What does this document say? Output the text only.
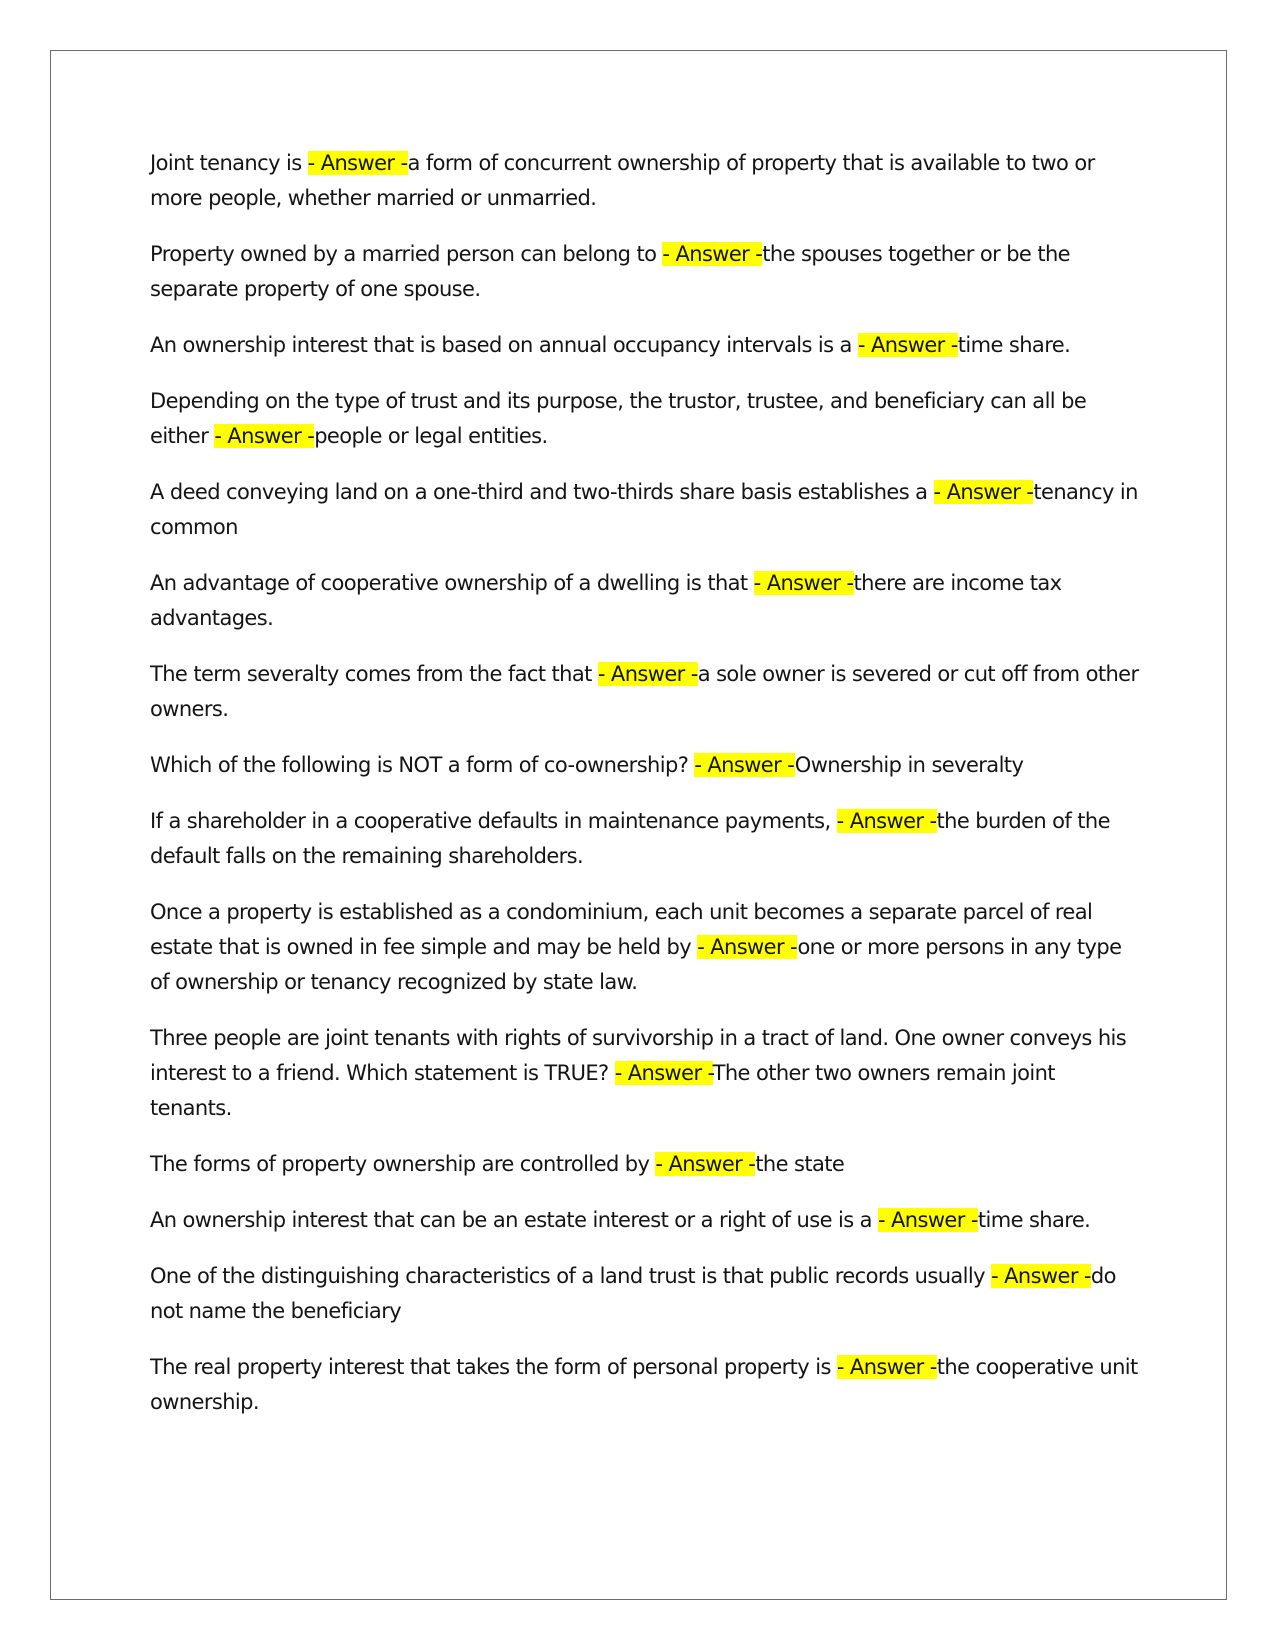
Joint tenancy is - Answer -a form of concurrent ownership of property that is available to two or more people, whether married or unmarried.

Property owned by a married person can belong to - Answer -the spouses together or be the separate property of one spouse.

An ownership interest that is based on annual occupancy intervals is a - Answer -time share.

Depending on the type of trust and its purpose, the trustor, trustee, and beneficiary can all be either - Answer -people or legal entities.

A deed conveying land on a one-third and two-thirds share basis establishes a - Answer -tenancy in common

An advantage of cooperative ownership of a dwelling is that - Answer -there are income tax advantages.

The term severalty comes from the fact that - Answer -a sole owner is severed or cut off from other owners.

Which of the following is NOT a form of co-ownership? - Answer -Ownership in severalty

If a shareholder in a cooperative defaults in maintenance payments, - Answer -the burden of the default falls on the remaining shareholders.

Once a property is established as a condominium, each unit becomes a separate parcel of real estate that is owned in fee simple and may be held by - Answer -one or more persons in any type of ownership or tenancy recognized by state law.

Three people are joint tenants with rights of survivorship in a tract of land. One owner conveys his interest to a friend. Which statement is TRUE? - Answer -The other two owners remain joint tenants.

The forms of property ownership are controlled by - Answer -the state

An ownership interest that can be an estate interest or a right of use is a - Answer -time share.

One of the distinguishing characteristics of a land trust is that public records usually - Answer -do not name the beneficiary

The real property interest that takes the form of personal property is - Answer -the cooperative unit ownership.
